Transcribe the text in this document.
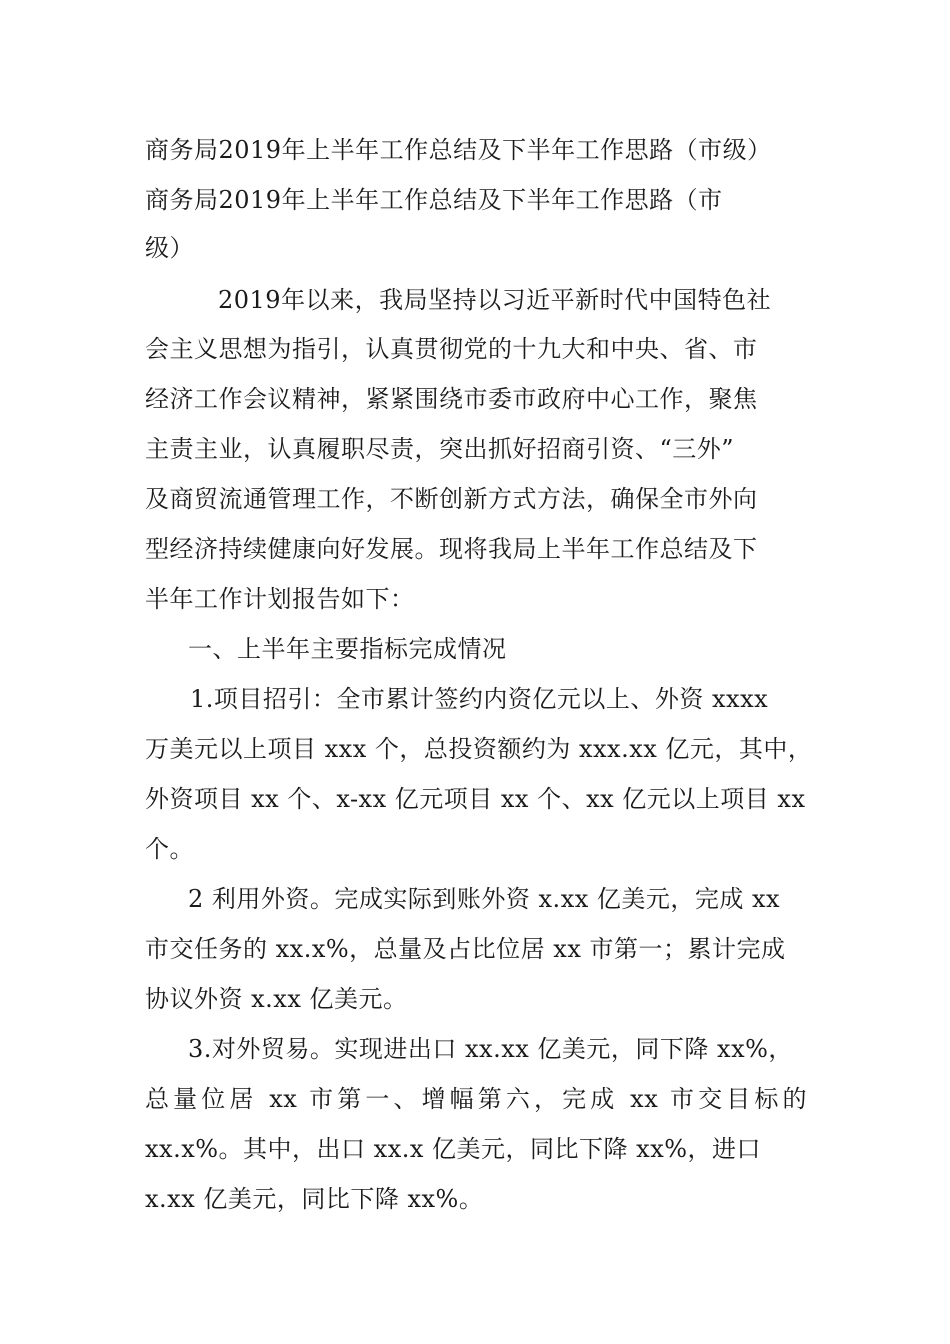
商务局2019年上半年工作总结及下半年工作思路（市级）
商务局2019年上半年工作总结及下半年工作思路（市
级）
2019年以来，我局坚持以习近平新时代中国特色社
会主义思想为指引，认真贯彻党的十九大和中央、省、市
经济工作会议精神，紧紧围绕市委市政府中心工作，聚焦
主责主业，认真履职尽责，突出抓好招商引资、“三外”
及商贸流通管理工作，不断创新方式方法，确保全市外向
型经济持续健康向好发展。现将我局上半年工作总结及下
半年工作计划报告如下：
一、上半年主要指标完成情况
1.项目招引：全市累计签约内资亿元以上、外资 xxxx
万美元以上项目 xxx 个，总投资额约为 xxx.xx 亿元，其中，
外资项目 xx 个、x-xx 亿元项目 xx 个、xx 亿元以上项目 xx
个。
2 利用外资。完成实际到账外资 x.xx 亿美元，完成 xx
市交任务的 xx.x%，总量及占比位居 xx 市第一；累计完成
协议外资 x.xx 亿美元。
3.对外贸易。实现进出口 xx.xx 亿美元，同下降 xx%，
总量位居 xx 市第一、增幅第六，完成 xx 市交目标的
xx.x%。其中，出口 xx.x 亿美元，同比下降 xx%，进口
x.xx 亿美元，同比下降 xx%。
